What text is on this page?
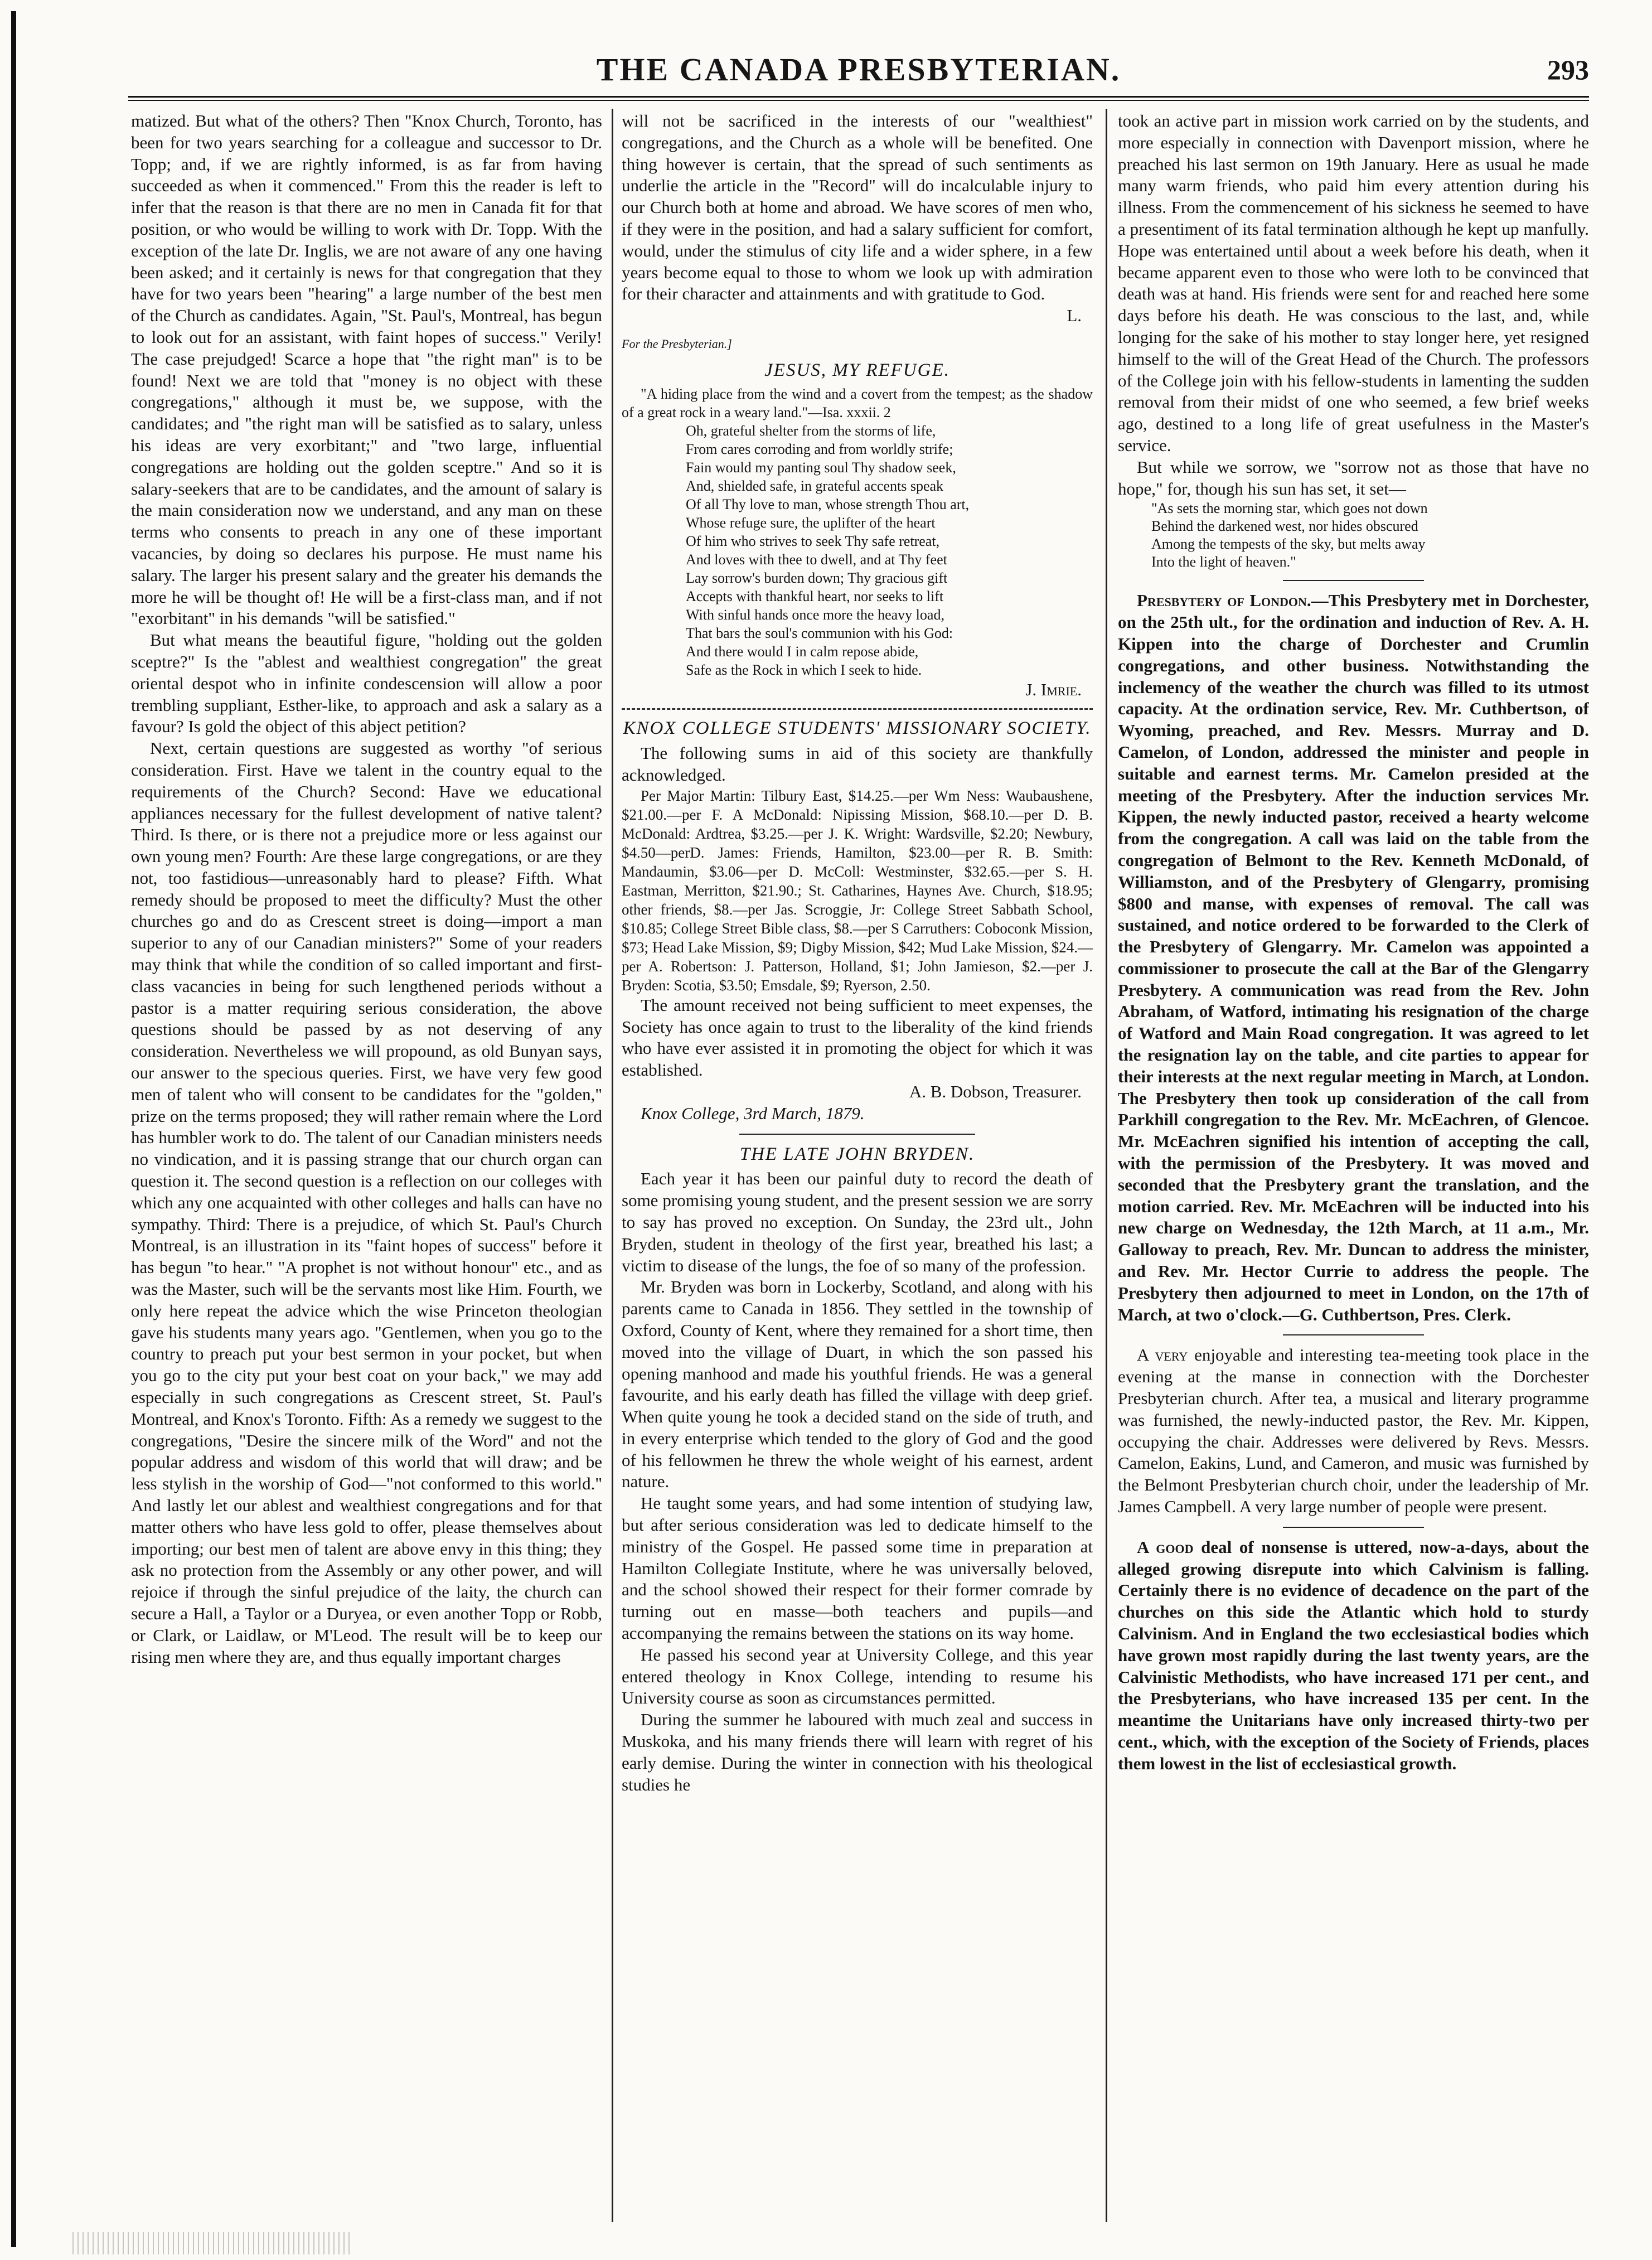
THE CANADA PRESBYTERIAN.	293

matized. But what of the others? Then "Knox Church, Toronto, has been for two years searching for a colleague and successor to Dr. Topp; and, if we are rightly informed, is as far from having succeeded as when it commenced." From this the reader is left to infer that the reason is that there are no men in Canada fit for that position, or who would be willing to work with Dr. Topp. With the exception of the late Dr. Inglis, we are not aware of any one having been asked; and it certainly is news for that congregation that they have for two years been "hearing" a large number of the best men of the Church as candidates. Again, "St. Paul's, Montreal, has begun to look out for an assistant, with faint hopes of success." Verily! The case prejudged! Scarce a hope that "the right man" is to be found! Next we are told that "money is no object with these congregations," although it must be, we suppose, with the candidates; and "the right man will be satisfied as to salary, unless his ideas are very exorbitant;" and "two large, influential congregations are holding out the golden sceptre." And so it is salary-seekers that are to be candidates, and the amount of salary is the main consideration now we understand, and any man on these terms who consents to preach in any one of these important vacancies, by doing so declares his purpose. He must name his salary. The larger his present salary and the greater his demands the more he will be thought of! He will be a first-class man, and if not "exorbitant" in his demands "will be satisfied."

But what means the beautiful figure, "holding out the golden sceptre?" Is the "ablest and wealthiest congregation" the great oriental despot who in infinite condescension will allow a poor trembling suppliant, Esther-like, to approach and ask a salary as a favour? Is gold the object of this abject petition?

Next, certain questions are suggested as worthy "of serious consideration. First. Have we talent in the country equal to the requirements of the Church? Second: Have we educational appliances necessary for the fullest development of native talent? Third. Is there, or is there not a prejudice more or less against our own young men? Fourth: Are these large congregations, or are they not, too fastidious—unreasonably hard to please? Fifth. What remedy should be proposed to meet the difficulty? Must the other churches go and do as Crescent street is doing—import a man superior to any of our Canadian ministers?" Some of your readers may think that while the condition of so called important and first-class vacancies in being for such lengthened periods without a pastor is a matter requiring serious consideration, the above questions should be passed by as not deserving of any consideration. Nevertheless we will propound, as old Bunyan says, our answer to the specious queries. First, we have very few good men of talent who will consent to be candidates for the "golden," prize on the terms proposed; they will rather remain where the Lord has humbler work to do. The talent of our Canadian ministers needs no vindication, and it is passing strange that our church organ can question it. The second question is a reflection on our colleges with which any one acquainted with other colleges and halls can have no sympathy. Third: There is a prejudice, of which St. Paul's Church Montreal, is an illustration in its "faint hopes of success" before it has begun "to hear." "A prophet is not without honour" etc., and as was the Master, such will be the servants most like Him. Fourth, we only here repeat the advice which the wise Princeton theologian gave his students many years ago. "Gentlemen, when you go to the country to preach put your best sermon in your pocket, but when you go to the city put your best coat on your back," we may add especially in such congregations as Crescent street, St. Paul's Montreal, and Knox's Toronto. Fifth: As a remedy we suggest to the congregations, "Desire the sincere milk of the Word" and not the popular address and wisdom of this world that will draw; and be less stylish in the worship of God—"not conformed to this world." And lastly let our ablest and wealthiest congregations and for that matter others who have less gold to offer, please themselves about importing; our best men of talent are above envy in this thing; they ask no protection from the Assembly or any other power, and will rejoice if through the sinful prejudice of the laity, the church can secure a Hall, a Taylor or a Duryea, or even another Topp or Robb, or Clark, or Laidlaw, or M'Leod. The result will be to keep our rising men where they are, and thus equally important charges

will not be sacrificed in the interests of our "wealthiest" congregations, and the Church as a whole will be benefited. One thing however is certain, that the spread of such sentiments as underlie the article in the "Record" will do incalculable injury to our Church both at home and abroad. We have scores of men who, if they were in the position, and had a salary sufficient for comfort, would, under the stimulus of city life and a wider sphere, in a few years become equal to those to whom we look up with admiration for their character and attainments and with gratitude to God.

L.

For the Presbyterian.]

JESUS, MY REFUGE.

"A hiding place from the wind and a covert from the tempest; as the shadow of a great rock in a weary land."—Isa. xxxii. 2

Oh, grateful shelter from the storms of life,
From cares corroding and from worldly strife;
Fain would my panting soul Thy shadow seek,
And, shielded safe, in grateful accents speak
Of all Thy love to man, whose strength Thou art,
Whose refuge sure, the uplifter of the heart
Of him who strives to seek Thy safe retreat,
And loves with thee to dwell, and at Thy feet
Lay sorrow's burden down; Thy gracious gift
Accepts with thankful heart, nor seeks to lift
With sinful hands once more the heavy load,
That bars the soul's communion with his God:
And there would I in calm repose abide,
Safe as the Rock in which I seek to hide.

J. Imrie.

KNOX COLLEGE STUDENTS' MISSIONARY SOCIETY.

The following sums in aid of this society are thankfully acknowledged.

Per Major Martin: Tilbury East, $14.25.—per Wm Ness: Waubaushene, $21.00.—per F. A McDonald: Nipissing Mission, $68.10.—per D. B. McDonald: Ardtrea, $3.25.—per J. K. Wright: Wardsville, $2.20; Newbury, $4.50—perD. James: Friends, Hamilton, $23.00—per R. B. Smith: Mandaumin, $3.06—per D. McColl: Westminster, $32.65.—per S. H. Eastman, Merritton, $21.90.; St. Catharines, Haynes Ave. Church, $18.95; other friends, $8.—per Jas. Scroggie, Jr: College Street Sabbath School, $10.85; College Street Bible class, $8.—per S Carruthers: Coboconk Mission, $73; Head Lake Mission, $9; Digby Mission, $42; Mud Lake Mission, $24.—per A. Robertson: J. Patterson, Holland, $1; John Jamieson, $2.—per J. Bryden: Scotia, $3.50; Emsdale, $9; Ryerson, 2.50.

The amount received not being sufficient to meet expenses, the Society has once again to trust to the liberality of the kind friends who have ever assisted it in promoting the object for which it was established.

A. B. Dobson, Treasurer.

Knox College, 3rd March, 1879.

THE LATE JOHN BRYDEN.

Each year it has been our painful duty to record the death of some promising young student, and the present session we are sorry to say has proved no exception. On Sunday, the 23rd ult., John Bryden, student in theology of the first year, breathed his last; a victim to disease of the lungs, the foe of so many of the profession.

Mr. Bryden was born in Lockerby, Scotland, and along with his parents came to Canada in 1856. They settled in the township of Oxford, County of Kent, where they remained for a short time, then moved into the village of Duart, in which the son passed his opening manhood and made his youthful friends. He was a general favourite, and his early death has filled the village with deep grief. When quite young he took a decided stand on the side of truth, and in every enterprise which tended to the glory of God and the good of his fellowmen he threw the whole weight of his earnest, ardent nature.

He taught some years, and had some intention of studying law, but after serious consideration was led to dedicate himself to the ministry of the Gospel. He passed some time in preparation at Hamilton Collegiate Institute, where he was universally beloved, and the school showed their respect for their former comrade by turning out en masse—both teachers and pupils—and accompanying the remains between the stations on its way home.

He passed his second year at University College, and this year entered theology in Knox College, intending to resume his University course as soon as circumstances permitted.

During the summer he laboured with much zeal and success in Muskoka, and his many friends there will learn with regret of his early demise. During the winter in connection with his theological studies he

took an active part in mission work carried on by the students, and more especially in connection with Davenport mission, where he preached his last sermon on 19th January. Here as usual he made many warm friends, who paid him every attention during his illness. From the commencement of his sickness he seemed to have a presentiment of its fatal termination although he kept up manfully. Hope was entertained until about a week before his death, when it became apparent even to those who were loth to be convinced that death was at hand. His friends were sent for and reached here some days before his death. He was conscious to the last, and, while longing for the sake of his mother to stay longer here, yet resigned himself to the will of the Great Head of the Church. The professors of the College join with his fellow-students in lamenting the sudden removal from their midst of one who seemed, a few brief weeks ago, destined to a long life of great usefulness in the Master's service.

But while we sorrow, we "sorrow not as those that have no hope," for, though his sun has set, it set—

"As sets the morning star, which goes not down
Behind the darkened west, nor hides obscured
Among the tempests of the sky, but melts away
Into the light of heaven."

Presbytery of London.—This Presbytery met in Dorchester, on the 25th ult., for the ordination and induction of Rev. A. H. Kippen into the charge of Dorchester and Crumlin congregations, and other business. Notwithstanding the inclemency of the weather the church was filled to its utmost capacity. At the ordination service, Rev. Mr. Cuthbertson, of Wyoming, preached, and Rev. Messrs. Murray and D. Camelon, of London, addressed the minister and people in suitable and earnest terms. Mr. Camelon presided at the meeting of the Presbytery. After the induction services Mr. Kippen, the newly inducted pastor, received a hearty welcome from the congregation. A call was laid on the table from the congregation of Belmont to the Rev. Kenneth McDonald, of Williamston, and of the Presbytery of Glengarry, promising $800 and manse, with expenses of removal. The call was sustained, and notice ordered to be forwarded to the Clerk of the Presbytery of Glengarry. Mr. Camelon was appointed a commissioner to prosecute the call at the Bar of the Glengarry Presbytery. A communication was read from the Rev. John Abraham, of Watford, intimating his resignation of the charge of Watford and Main Road congregation. It was agreed to let the resignation lay on the table, and cite parties to appear for their interests at the next regular meeting in March, at London. The Presbytery then took up consideration of the call from Parkhill congregation to the Rev. Mr. McEachren, of Glencoe. Mr. McEachren signified his intention of accepting the call, with the permission of the Presbytery. It was moved and seconded that the Presbytery grant the translation, and the motion carried. Rev. Mr. McEachren will be inducted into his new charge on Wednesday, the 12th March, at 11 a.m., Mr. Galloway to preach, Rev. Mr. Duncan to address the minister, and Rev. Mr. Hector Currie to address the people. The Presbytery then adjourned to meet in London, on the 17th of March, at two o'clock.—G. Cuthbertson, Pres. Clerk.

A very enjoyable and interesting tea-meeting took place in the evening at the manse in connection with the Dorchester Presbyterian church. After tea, a musical and literary programme was furnished, the newly-inducted pastor, the Rev. Mr. Kippen, occupying the chair. Addresses were delivered by Revs. Messrs. Camelon, Eakins, Lund, and Cameron, and music was furnished by the Belmont Presbyterian church choir, under the leadership of Mr. James Campbell. A very large number of people were present.

A good deal of nonsense is uttered, now-a-days, about the alleged growing disrepute into which Calvinism is falling. Certainly there is no evidence of decadence on the part of the churches on this side the Atlantic which hold to sturdy Calvinism. And in England the two ecclesiastical bodies which have grown most rapidly during the last twenty years, are the Calvinistic Methodists, who have increased 171 per cent., and the Presbyterians, who have increased 135 per cent. In the meantime the Unitarians have only increased thirty-two per cent., which, with the exception of the Society of Friends, places them lowest in the list of ecclesiastical growth.
